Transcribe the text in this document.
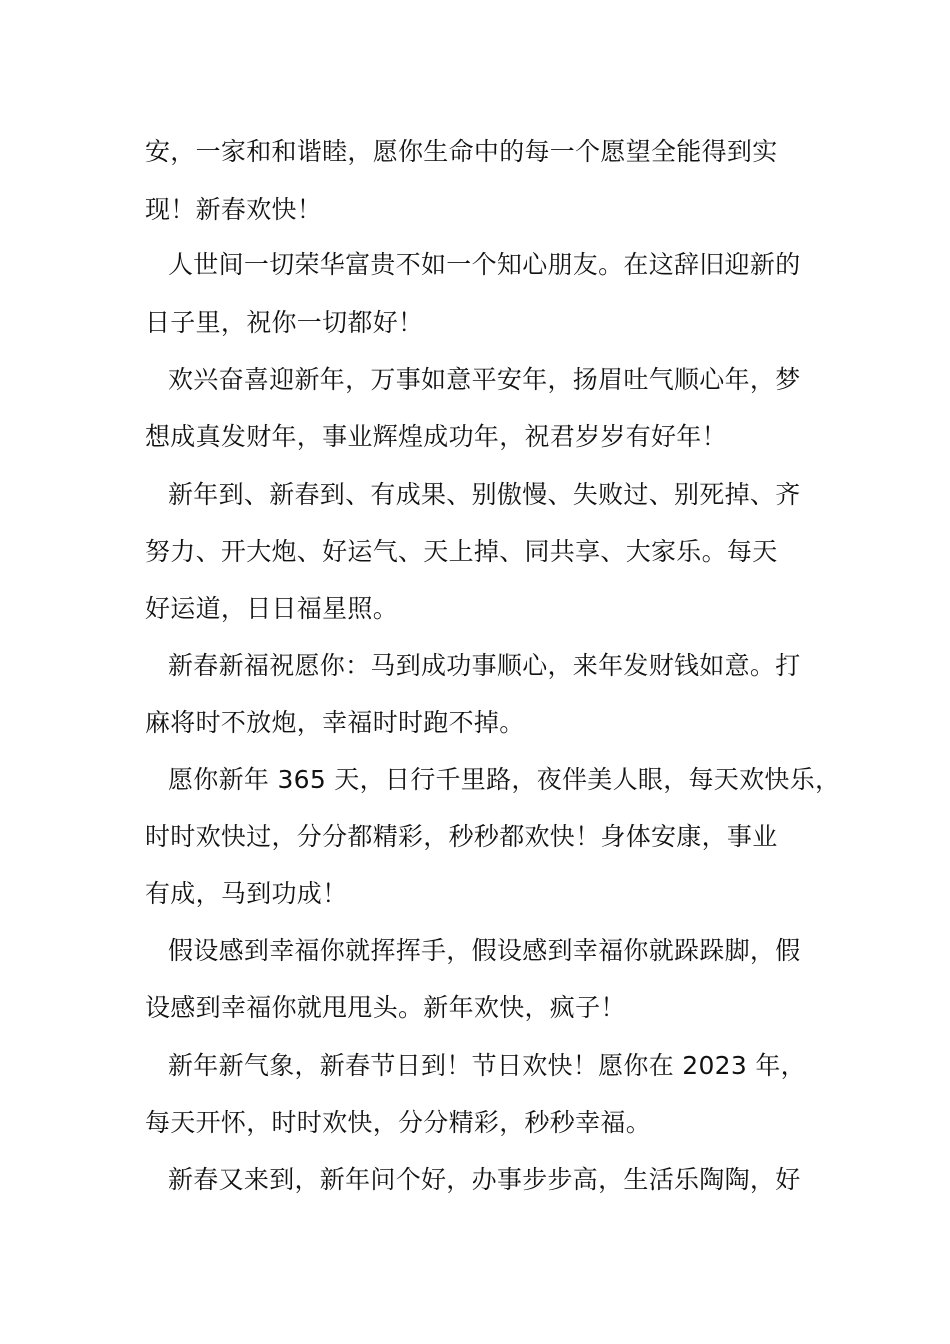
安，一家和和谐睦，愿你生命中的每一个愿望全能得到实

现！新春欢快！

人世间一切荣华富贵不如一个知心朋友。在这辞旧迎新的

日子里，祝你一切都好！

欢兴奋喜迎新年，万事如意平安年，扬眉吐气顺心年，梦

想成真发财年，事业辉煌成功年，祝君岁岁有好年！

新年到、新春到、有成果、别傲慢、失败过、别死掉、齐

努力、开大炮、好运气、天上掉、同共享、大家乐。每天

好运道，日日福星照。

新春新福祝愿你：马到成功事顺心，来年发财钱如意。打

麻将时不放炮，幸福时时跑不掉。

愿你新年 365 天，日行千里路，夜伴美人眼，每天欢快乐，

时时欢快过，分分都精彩，秒秒都欢快！身体安康，事业

有成，马到功成！

假设感到幸福你就挥挥手，假设感到幸福你就跺跺脚，假

设感到幸福你就甩甩头。新年欢快，疯子！

新年新气象，新春节日到！节日欢快！愿你在 2023 年，

每天开怀，时时欢快，分分精彩，秒秒幸福。

新春又来到，新年问个好，办事步步高，生活乐陶陶，好
